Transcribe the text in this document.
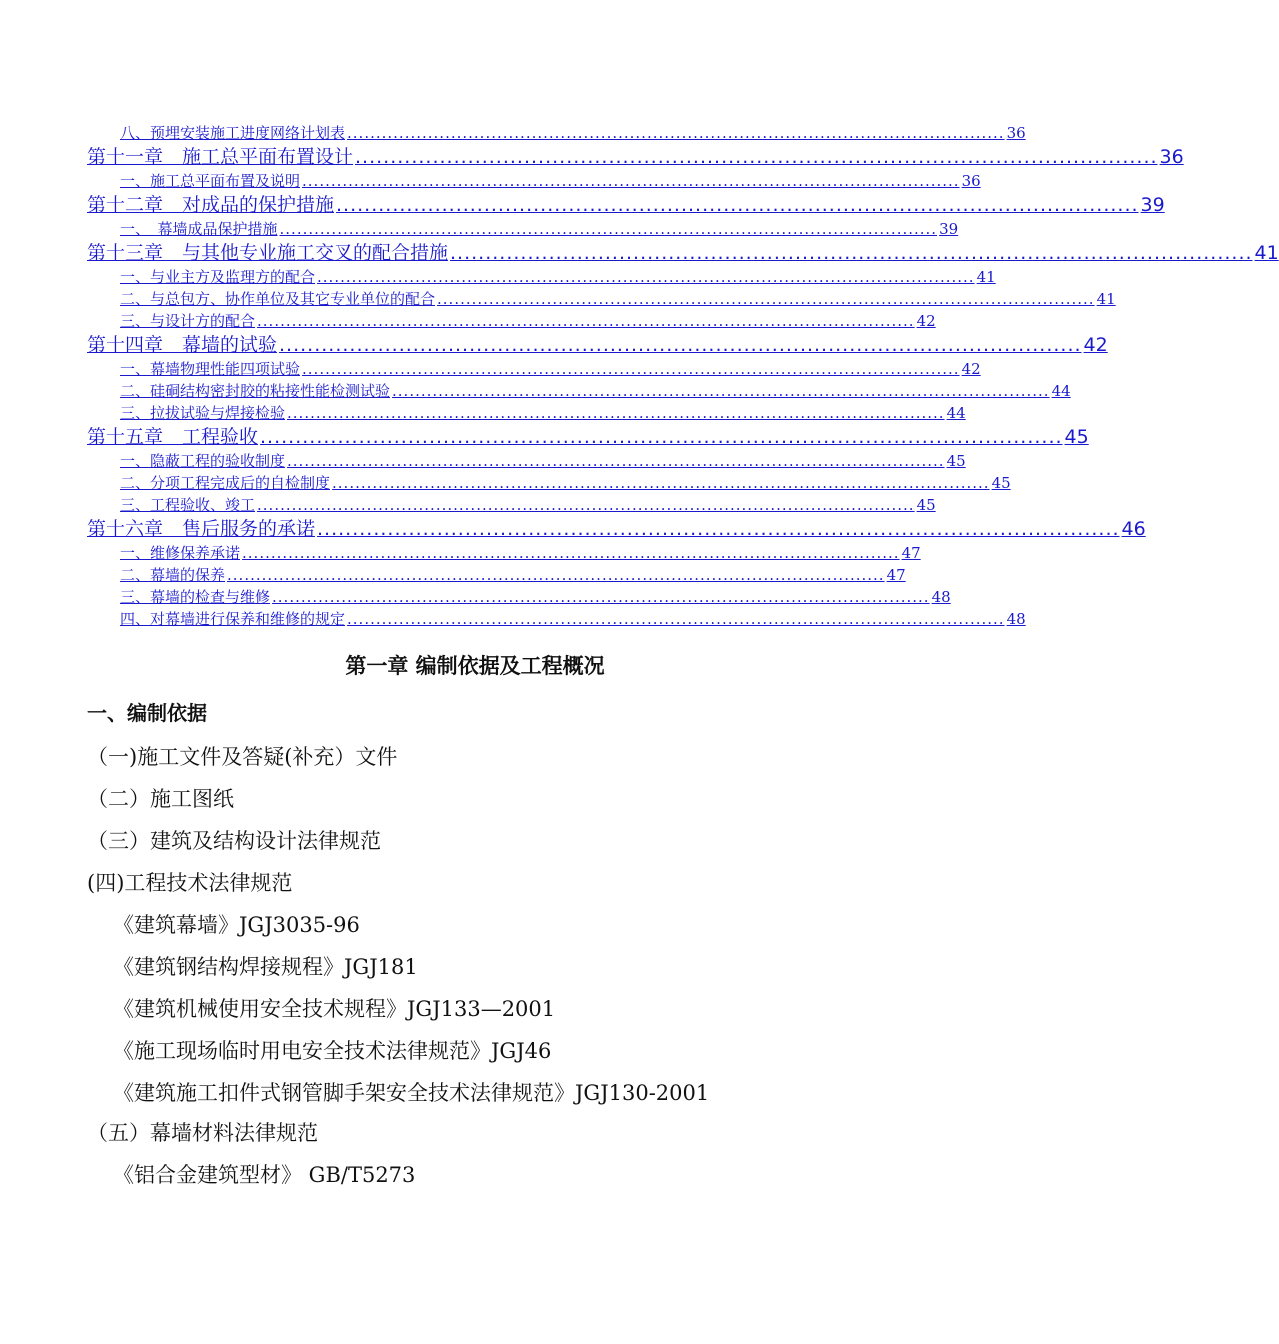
八、预埋安装施工进度网络计划表 .................................................................................................................. 36
第十一章　施工总平面布置设计 .................................................................................................................. 36
一、施工总平面布置及说明 .................................................................................................................. 36
第十二章　对成品的保护措施 .................................................................................................................. 39
一、　幕墙成品保护措施 .................................................................................................................. 39
第十三章　与其他专业施工交叉的配合措施 .................................................................................................................. 41
一、与业主方及监理方的配合 .................................................................................................................. 41
二、与总包方、协作单位及其它专业单位的配合 .................................................................................................................. 41
三、与设计方的配合 .................................................................................................................. 42
第十四章　幕墙的试验 .................................................................................................................. 42
一、幕墙物理性能四项试验 .................................................................................................................. 42
二、硅硐结构密封胶的粘接性能检测试验 .................................................................................................................. 44
三、拉拔试验与焊接检验 .................................................................................................................. 44
第十五章　工程验收 .................................................................................................................. 45
一、隐蔽工程的验收制度 .................................................................................................................. 45
二、分项工程完成后的自检制度 .................................................................................................................. 45
三、工程验收、竣工 .................................................................................................................. 45
第十六章　售后服务的承诺 .................................................................................................................. 46
一、维修保养承诺 .................................................................................................................. 47
二、幕墙的保养 .................................................................................................................. 47
三、幕墙的检查与维修 .................................................................................................................. 48
四、对幕墙进行保养和维修的规定 .................................................................................................................. 48
第一章 编制依据及工程概况
一、编制依据
（一)施工文件及答疑(补充）文件
（二）施工图纸
（三）建筑及结构设计法律规范
(四)工程技术法律规范
《建筑幕墙》JGJ3035-96
《建筑钢结构焊接规程》JGJ181
《建筑机械使用安全技术规程》JGJ133—2001
《施工现场临时用电安全技术法律规范》JGJ46
《建筑施工扣件式钢管脚手架安全技术法律规范》JGJ130-2001
（五）幕墙材料法律规范
《铝合金建筑型材》 GB/T5273
